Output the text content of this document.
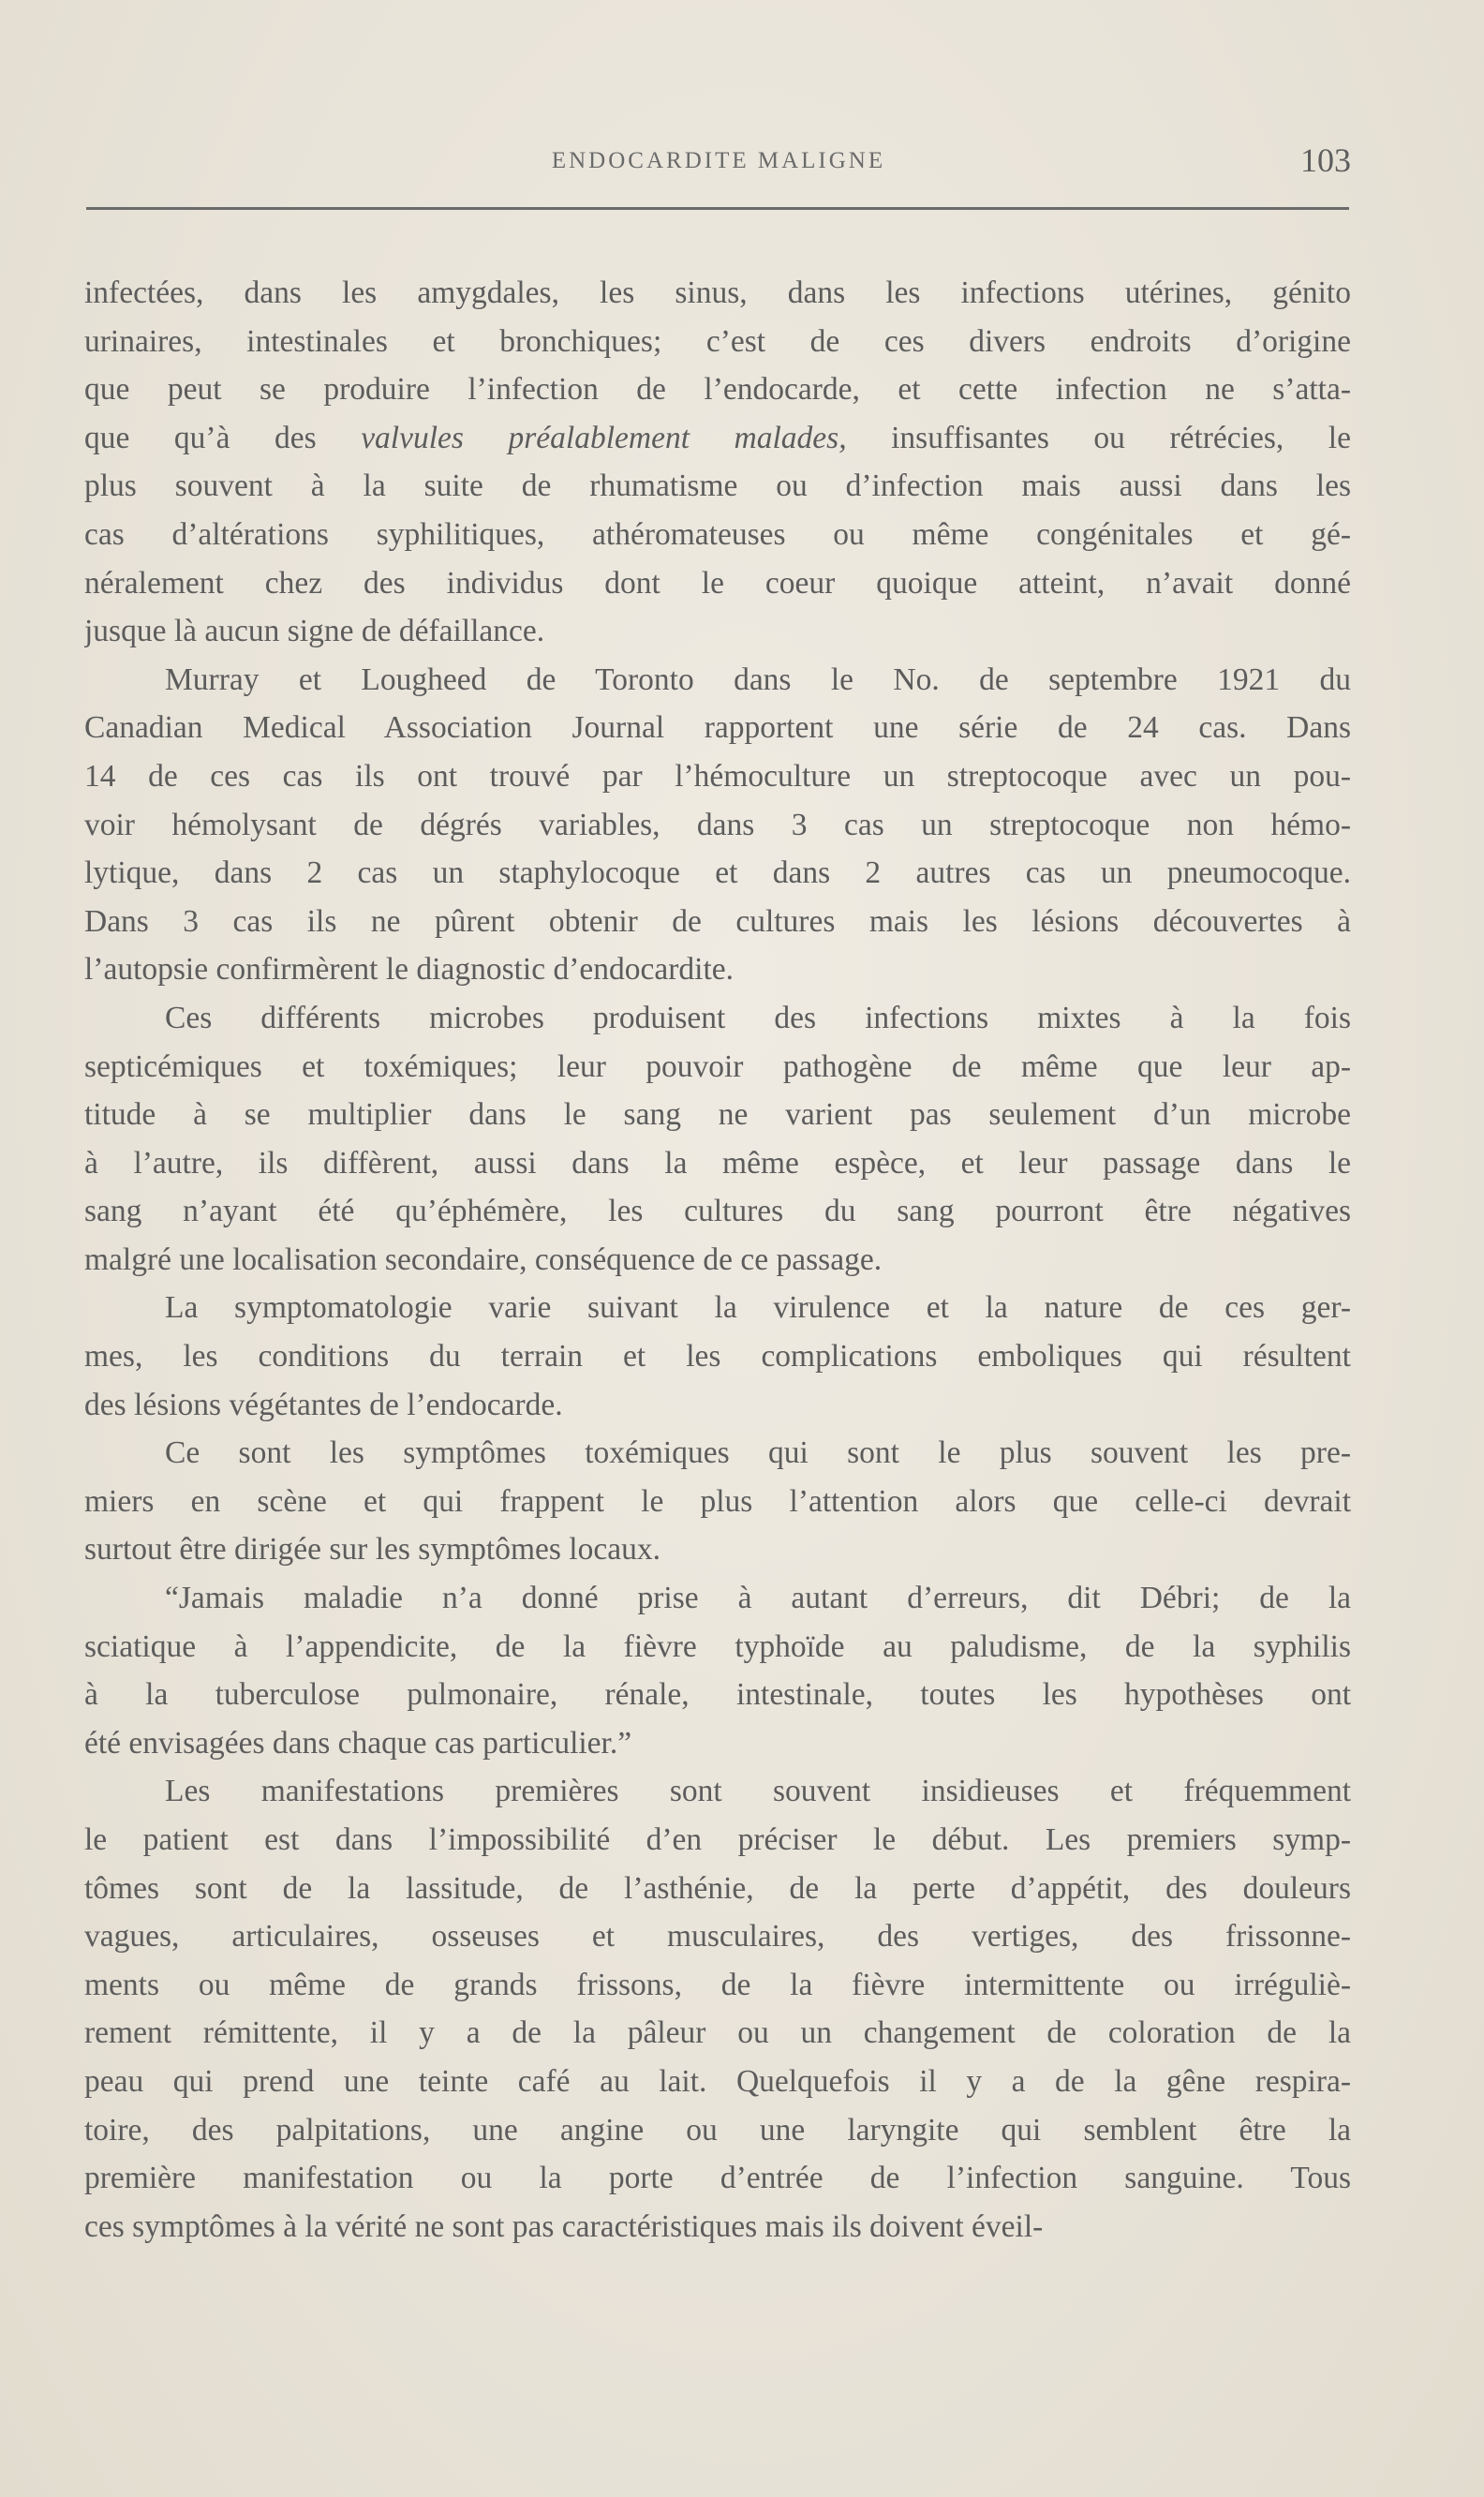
ENDOCARDITE MALIGNE	103

infectées, dans les amygdales, les sinus, dans les infections utérines, génito
urinaires, intestinales et bronchiques; c’est de ces divers endroits d’origine
que peut se produire l’infection de l’endocarde, et cette infection ne s’atta-
que qu’à des valvules préalablement malades, insuffisantes ou rétrécies, le
plus souvent à la suite de rhumatisme ou d’infection mais aussi dans les
cas d’altérations syphilitiques, athéromateuses ou même congénitales et gé-
néralement chez des individus dont le coeur quoique atteint, n’avait donné
jusque là aucun signe de défaillance.

Murray et Lougheed de Toronto dans le No. de septembre 1921 du
Canadian Medical Association Journal rapportent une série de 24 cas. Dans
14 de ces cas ils ont trouvé par l’hémoculture un streptocoque avec un pou-
voir hémolysant de dégrés variables, dans 3 cas un streptocoque non hémo-
lytique, dans 2 cas un staphylocoque et dans 2 autres cas un pneumocoque.
Dans 3 cas ils ne pûrent obtenir de cultures mais les lésions découvertes à
l’autopsie confirmèrent le diagnostic d’endocardite.

Ces différents microbes produisent des infections mixtes à la fois
septicémiques et toxémiques; leur pouvoir pathogène de même que leur ap-
titude à se multiplier dans le sang ne varient pas seulement d’un microbe
à l’autre, ils diffèrent, aussi dans la même espèce, et leur passage dans le
sang n’ayant été qu’éphémère, les cultures du sang pourront être négatives
malgré une localisation secondaire, conséquence de ce passage.

La symptomatologie varie suivant la virulence et la nature de ces ger-
mes, les conditions du terrain et les complications emboliques qui résultent
des lésions végétantes de l’endocarde.

Ce sont les symptômes toxémiques qui sont le plus souvent les pre-
miers en scène et qui frappent le plus l’attention alors que celle-ci devrait
surtout être dirigée sur les symptômes locaux.

“Jamais maladie n’a donné prise à autant d’erreurs, dit Débri; de la
sciatique à l’appendicite, de la fièvre typhoïde au paludisme, de la syphilis
à la tuberculose pulmonaire, rénale, intestinale, toutes les hypothèses ont
été envisagées dans chaque cas particulier.”

Les manifestations premières sont souvent insidieuses et fréquemment
le patient est dans l’impossibilité d’en préciser le début. Les premiers symp-
tômes sont de la lassitude, de l’asthénie, de la perte d’appétit, des douleurs
vagues, articulaires, osseuses et musculaires, des vertiges, des frissonne-
ments ou même de grands frissons, de la fièvre intermittente ou irréguliè-
rement rémittente, il y a de la pâleur ou un changement de coloration de la
peau qui prend une teinte café au lait. Quelquefois il y a de la gêne respira-
toire, des palpitations, une angine ou une laryngite qui semblent être la
première manifestation ou la porte d’entrée de l’infection sanguine. Tous
ces symptômes à la vérité ne sont pas caractéristiques mais ils doivent éveil-
